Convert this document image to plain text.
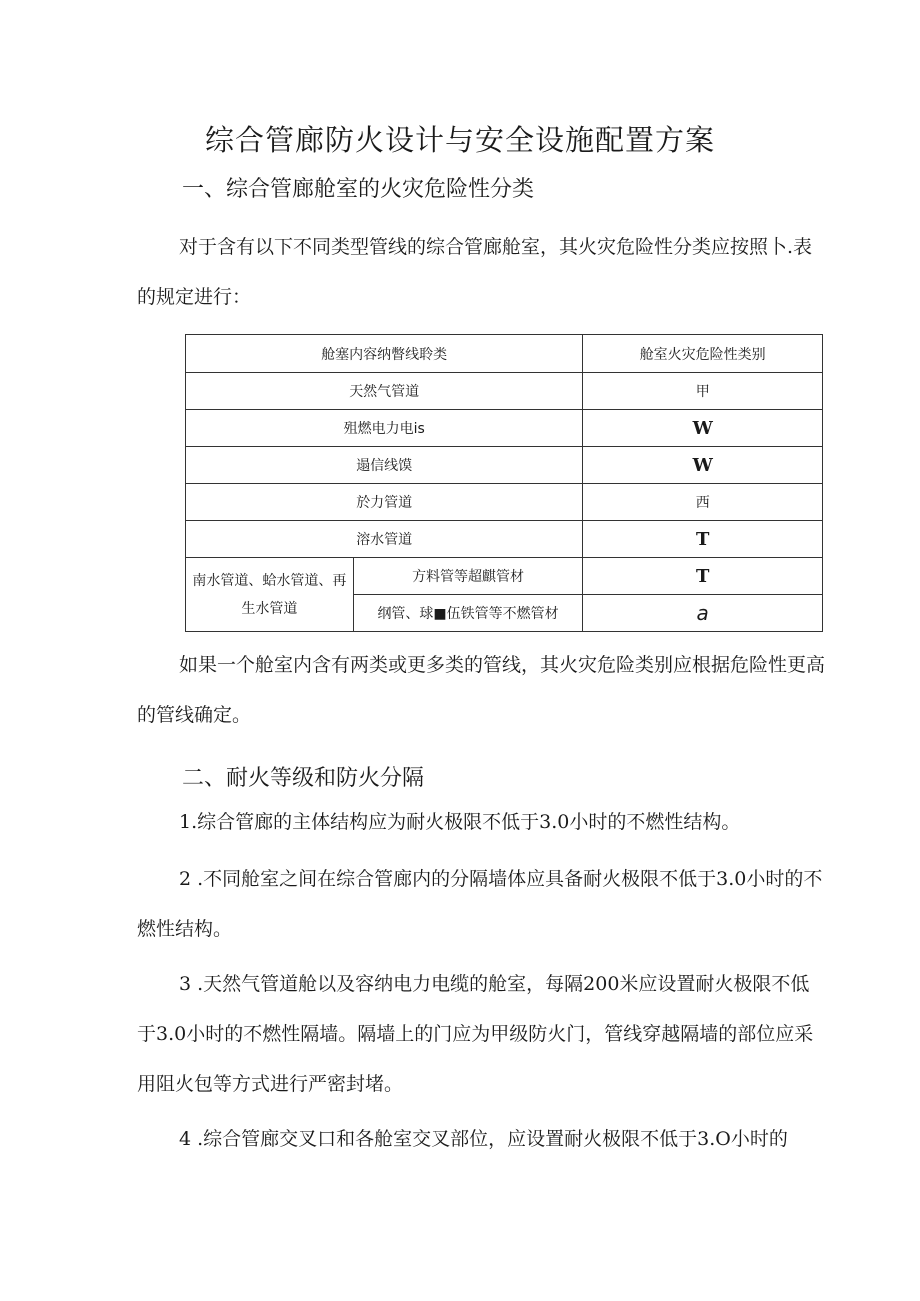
综合管廊防火设计与安全设施配置方案
一、综合管廊舱室的火灾危险性分类

对于含有以下不同类型管线的综合管廊舱室，其火灾危险性分类应按照卜.表的规定进行：

舱塞内容纳瞥线聆类		舱室火灾危险性类别
天然气管道		甲
殂燃电力电is		W
遢信线馍		W
於力管道		西
溶水管道		T
南水管道、蛤水管道、再生水管道	方料管等超麒管材	T
	纲管、球■伍铁管等不燃管材	a

如果一个舱室内含有两类或更多类的管线，其火灾危险类别应根据危险性更高的管线确定。

二、耐火等级和防火分隔

1.综合管廊的主体结构应为耐火极限不低于3.0小时的不燃性结构。

2 .不同舱室之间在综合管廊内的分隔墙体应具备耐火极限不低于3.0小时的不燃性结构。

3 .天然气管道舱以及容纳电力电缆的舱室，每隔200米应设置耐火极限不低于3.0小时的不燃性隔墙。隔墙上的门应为甲级防火门，管线穿越隔墙的部位应采用阻火包等方式进行严密封堵。

4 .综合管廊交叉口和各舱室交叉部位，应设置耐火极限不低于3.O小时的
